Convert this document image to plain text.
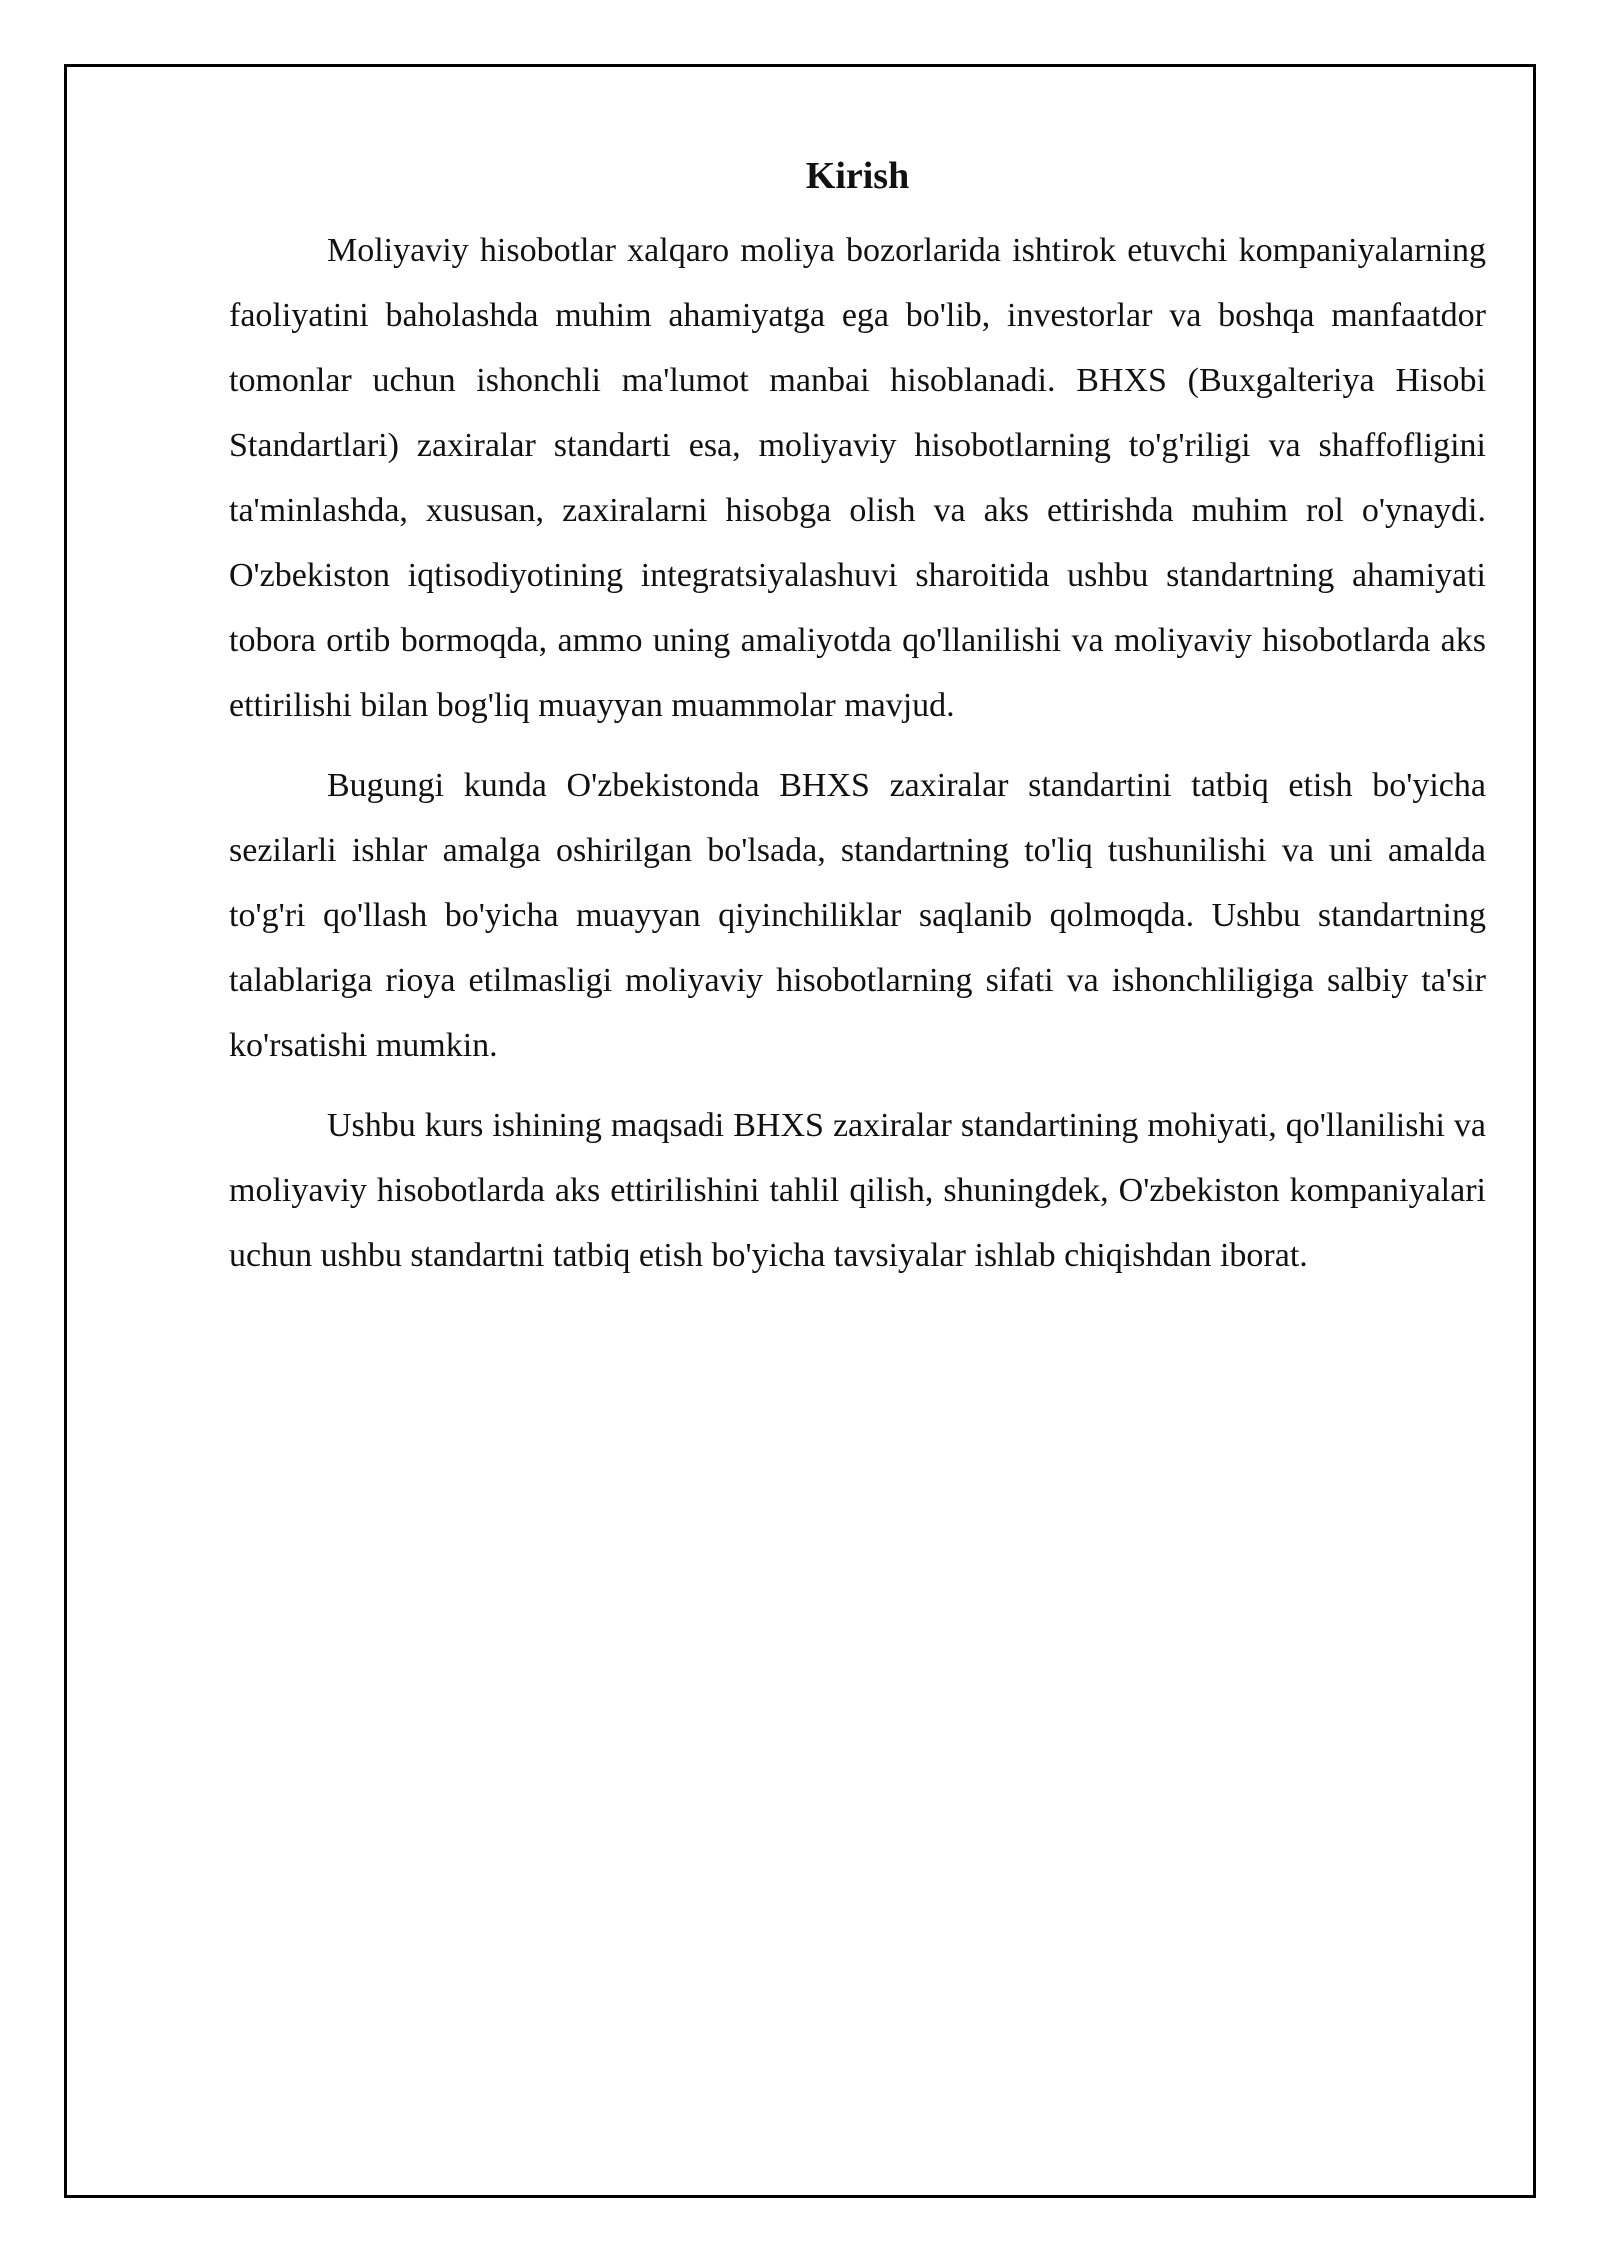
Kirish

Moliyaviy hisobotlar xalqaro moliya bozorlarida ishtirok etuvchi kompaniyalarning faoliyatini baholashda muhim ahamiyatga ega bo'lib, investorlar va boshqa manfaatdor tomonlar uchun ishonchli ma'lumot manbai hisoblanadi. BHXS (Buxgalteriya Hisobi Standartlari) zaxiralar standarti esa, moliyaviy hisobotlarning to'g'riligi va shaffofligini ta'minlashda, xususan, zaxiralarni hisobga olish va aks ettirishda muhim rol o'ynaydi. O'zbekiston iqtisodiyotining integratsiyalashuvi sharoitida ushbu standartning ahamiyati tobora ortib bormoqda, ammo uning amaliyotda qo'llanilishi va moliyaviy hisobotlarda aks ettirilishi bilan bog'liq muayyan muammolar mavjud.

Bugungi kunda O'zbekistonda BHXS zaxiralar standartini tatbiq etish bo'yicha sezilarli ishlar amalga oshirilgan bo'lsada, standartning to'liq tushunilishi va uni amalda to'g'ri qo'llash bo'yicha muayyan qiyinchiliklar saqlanib qolmoqda. Ushbu standartning talablariga rioya etilmasligi moliyaviy hisobotlarning sifati va ishonchliligiga salbiy ta'sir ko'rsatishi mumkin.

Ushbu kurs ishining maqsadi BHXS zaxiralar standartining mohiyati, qo'llanilishi va moliyaviy hisobotlarda aks ettirilishini tahlil qilish, shuningdek, O'zbekiston kompaniyalari uchun ushbu standartni tatbiq etish bo'yicha tavsiyalar ishlab chiqishdan iborat.
